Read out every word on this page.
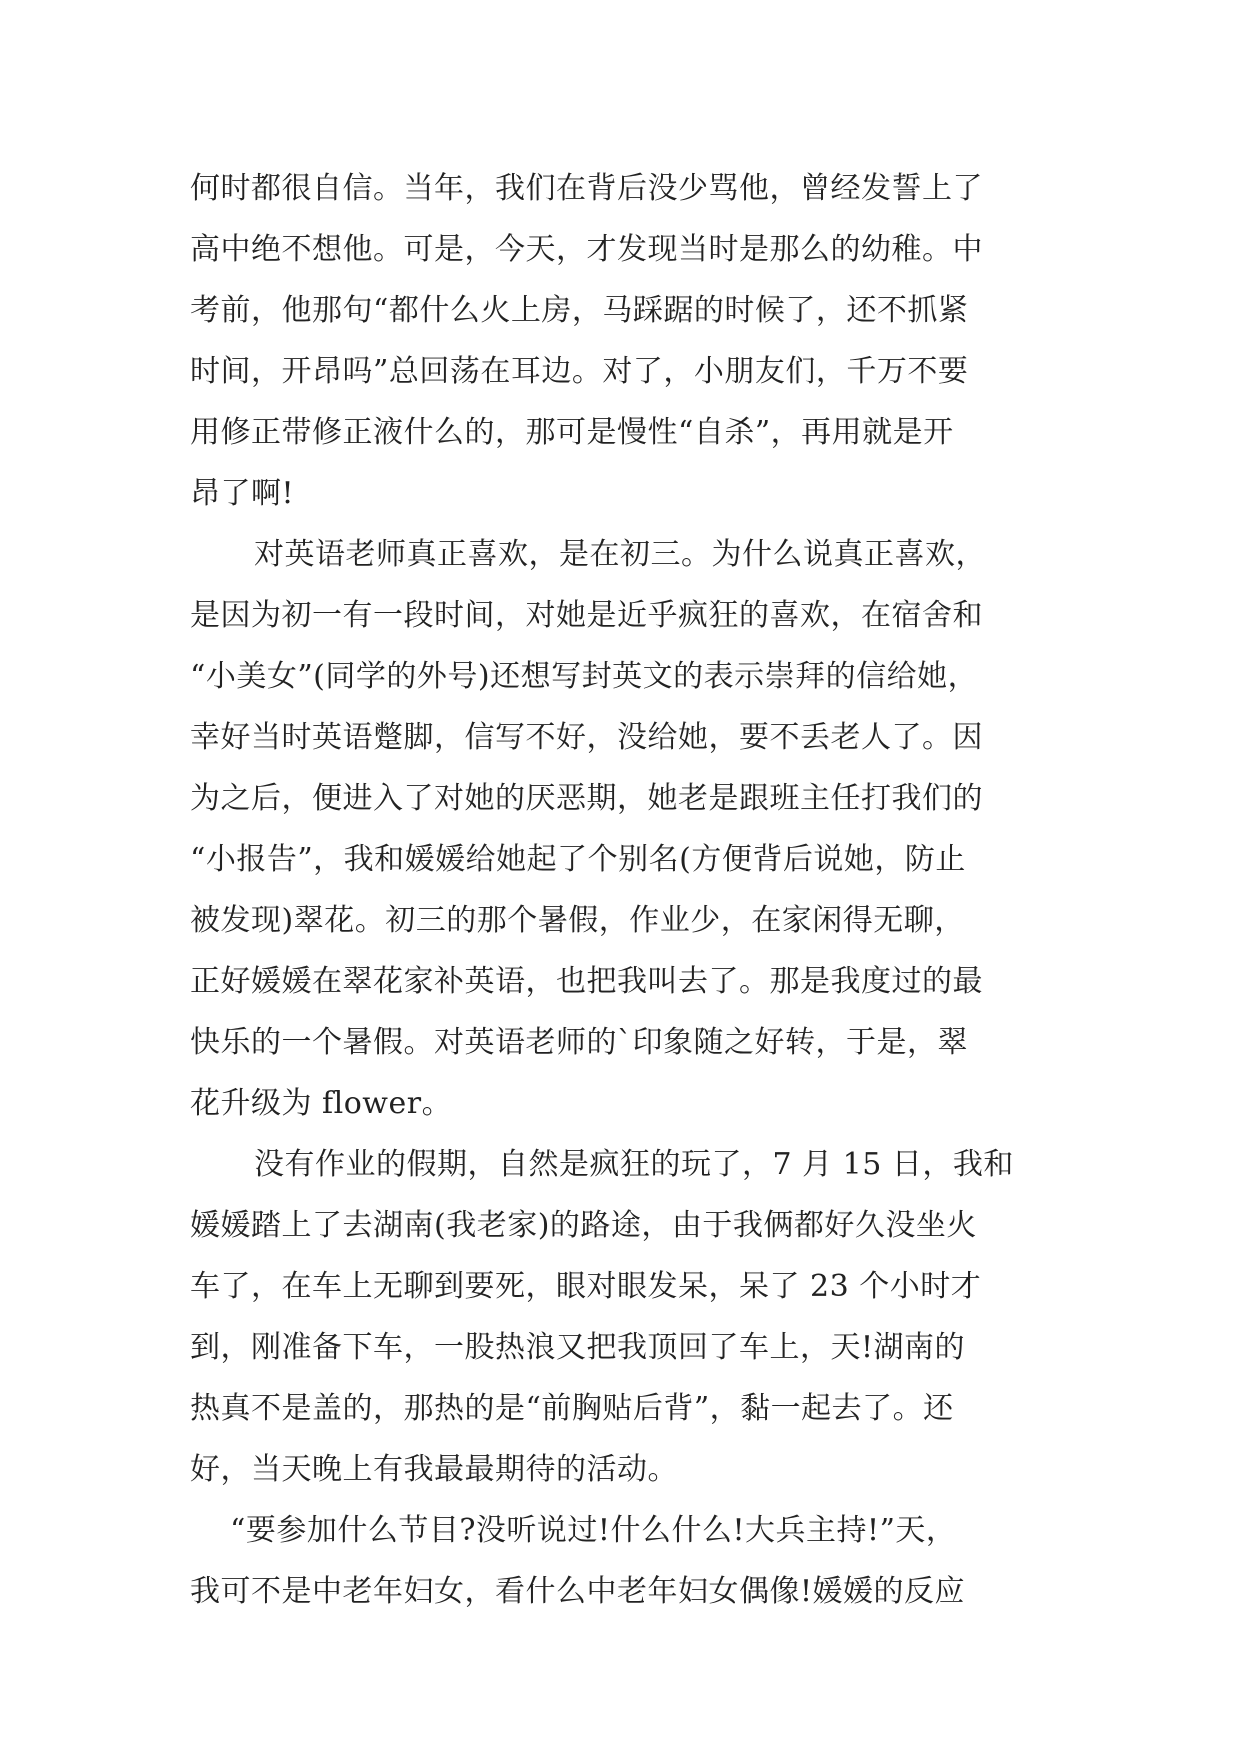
何时都很自信。当年，我们在背后没少骂他，曾经发誓上了
高中绝不想他。可是，今天，才发现当时是那么的幼稚。中
考前，他那句“都什么火上房，马踩踞的时候了，还不抓紧
时间，开昂吗”总回荡在耳边。对了，小朋友们，千万不要
用修正带修正液什么的，那可是慢性“自杀”，再用就是开
昂了啊!
对英语老师真正喜欢，是在初三。为什么说真正喜欢，
是因为初一有一段时间，对她是近乎疯狂的喜欢，在宿舍和
“小美女”(同学的外号)还想写封英文的表示崇拜的信给她，
幸好当时英语蹩脚，信写不好，没给她，要不丢老人了。因
为之后，便进入了对她的厌恶期，她老是跟班主任打我们的
“小报告”，我和媛媛给她起了个别名(方便背后说她，防止
被发现)翠花。初三的那个暑假，作业少，在家闲得无聊，
正好媛媛在翠花家补英语，也把我叫去了。那是我度过的最
快乐的一个暑假。对英语老师的`印象随之好转，于是，翠
花升级为 flower。
没有作业的假期，自然是疯狂的玩了，7 月 15 日，我和
媛媛踏上了去湖南(我老家)的路途，由于我俩都好久没坐火
车了，在车上无聊到要死，眼对眼发呆，呆了 23 个小时才
到，刚准备下车，一股热浪又把我顶回了车上，天!湖南的
热真不是盖的，那热的是“前胸贴后背”，黏一起去了。还
好，当天晚上有我最最期待的活动。
“要参加什么节目?没听说过!什么什么!大兵主持!”天，
我可不是中老年妇女，看什么中老年妇女偶像!媛媛的反应
